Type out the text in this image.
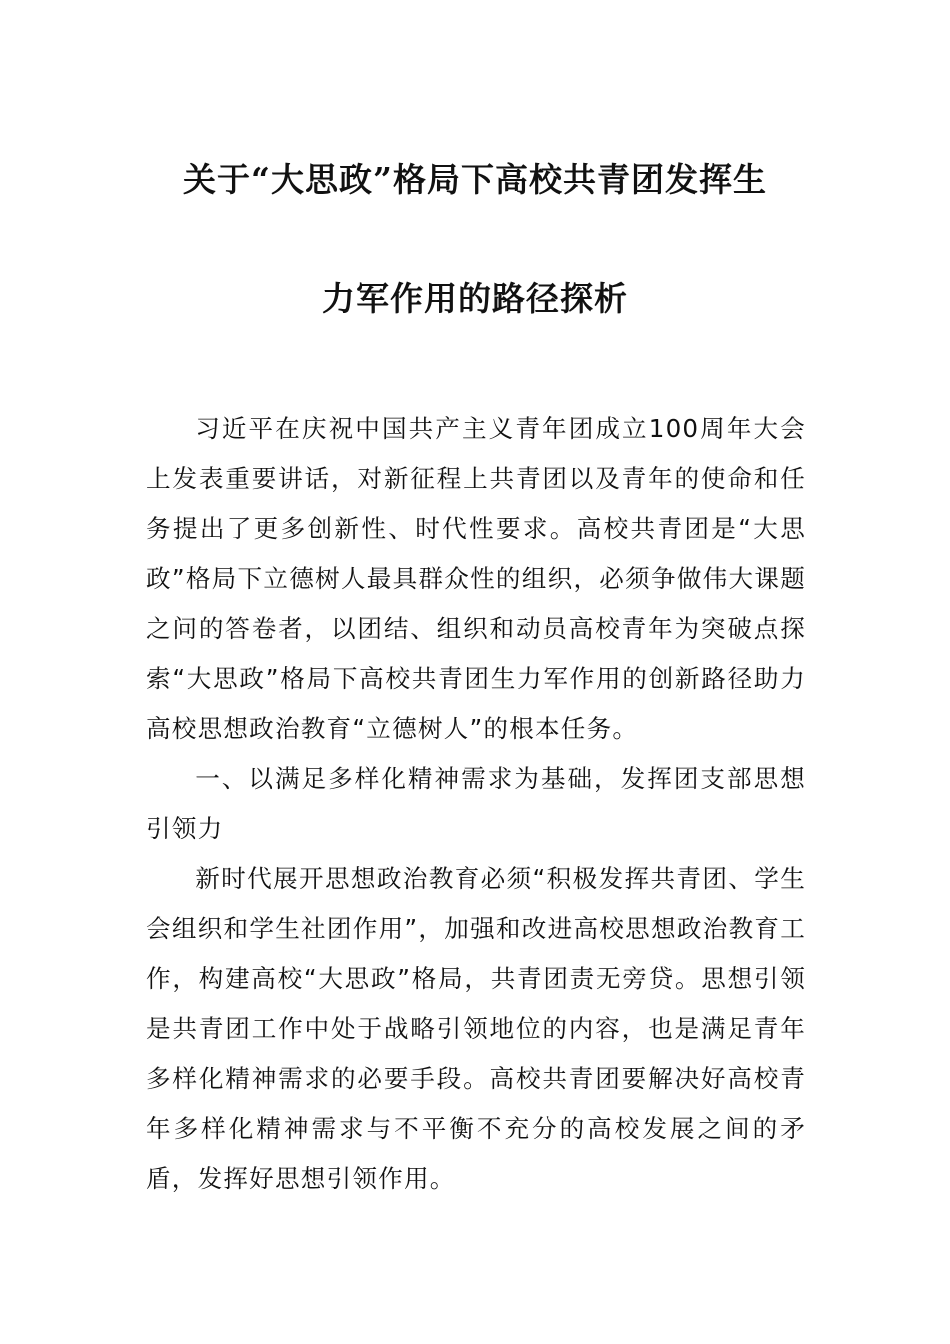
关于“大思政”格局下高校共青团发挥生
力军作用的路径探析

习近平在庆祝中国共产主义青年团成立100周年大会上发表重要讲话，对新征程上共青团以及青年的使命和任务提出了更多创新性、时代性要求。高校共青团是“大思政”格局下立德树人最具群众性的组织，必须争做伟大课题之问的答卷者，以团结、组织和动员高校青年为突破点探索“大思政”格局下高校共青团生力军作用的创新路径助力高校思想政治教育“立德树人”的根本任务。

一、以满足多样化精神需求为基础，发挥团支部思想引领力

新时代展开思想政治教育必须“积极发挥共青团、学生会组织和学生社团作用”，加强和改进高校思想政治教育工作，构建高校“大思政”格局，共青团责无旁贷。思想引领是共青团工作中处于战略引领地位的内容，也是满足青年多样化精神需求的必要手段。高校共青团要解决好高校青年多样化精神需求与不平衡不充分的高校发展之间的矛盾，发挥好思想引领作用。
